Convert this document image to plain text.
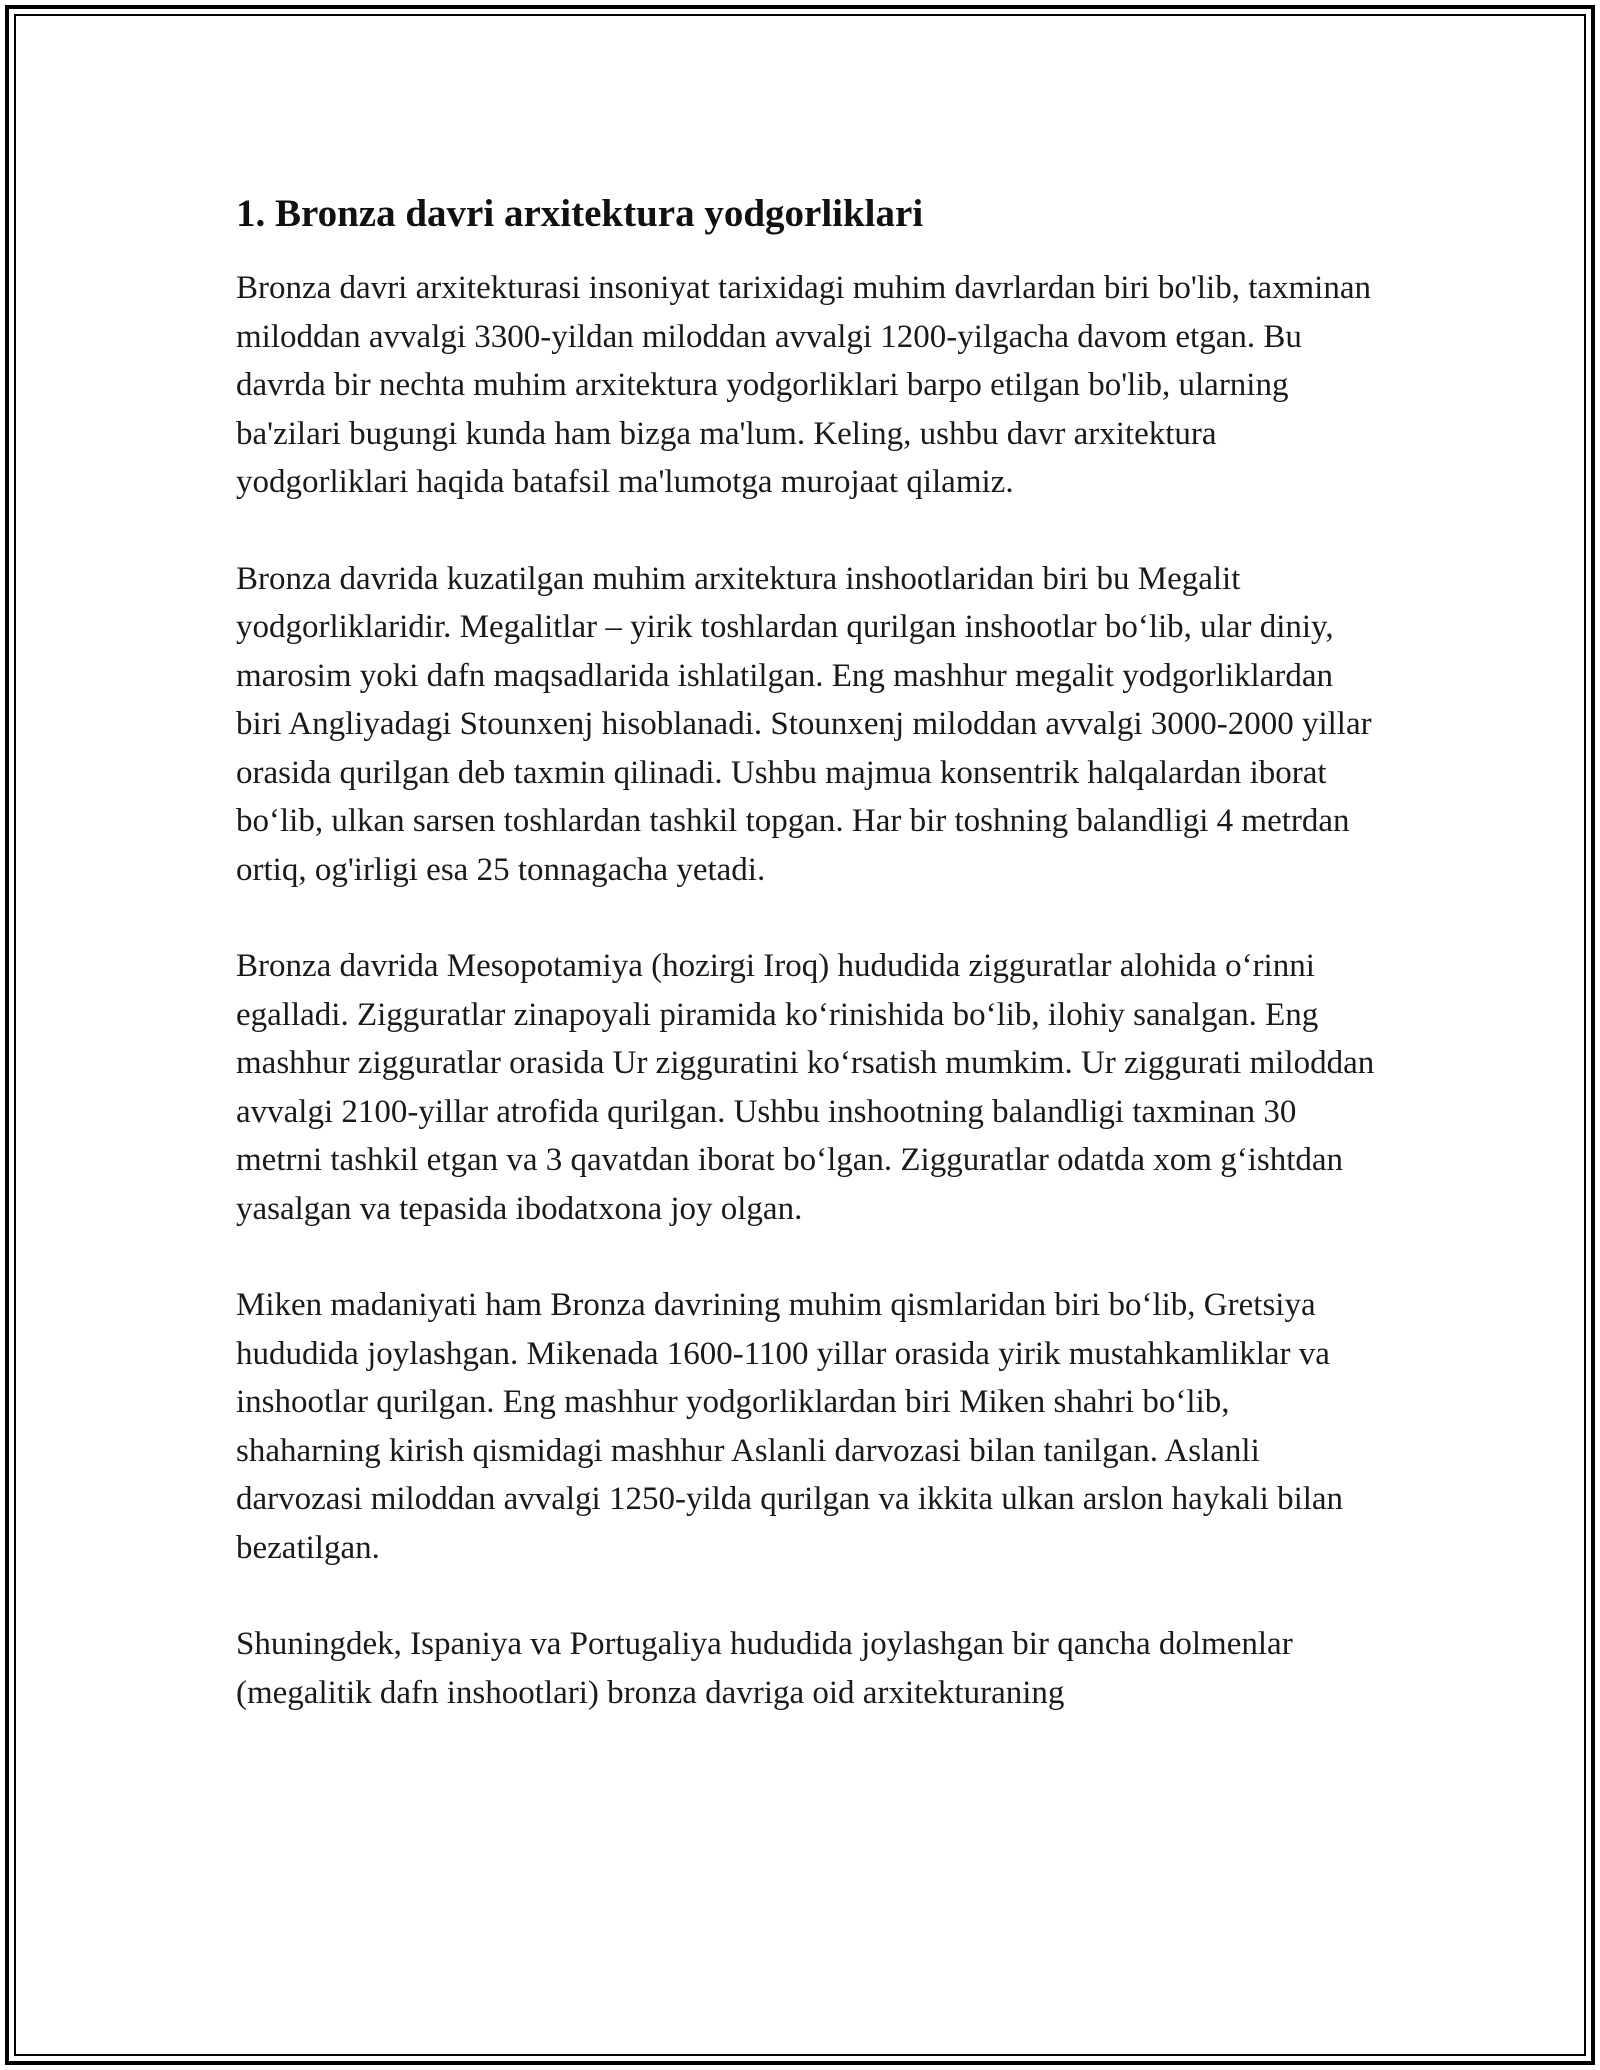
1. Bronza davri arxitektura yodgorliklari

Bronza davri arxitekturasi insoniyat tarixidagi muhim davrlardan biri bo'lib, taxminan miloddan avvalgi 3300-yildan miloddan avvalgi 1200-yilgacha davom etgan. Bu davrda bir nechta muhim arxitektura yodgorliklari barpo etilgan bo'lib, ularning ba'zilari bugungi kunda ham bizga ma'lum. Keling, ushbu davr arxitektura yodgorliklari haqida batafsil ma'lumotga murojaat qilamiz.

Bronza davrida kuzatilgan muhim arxitektura inshootlaridan biri bu Megalit yodgorliklaridir. Megalitlar – yirik toshlardan qurilgan inshootlar bo‘lib, ular diniy, marosim yoki dafn maqsadlarida ishlatilgan. Eng mashhur megalit yodgorliklardan biri Angliyadagi Stounxenj hisoblanadi. Stounxenj miloddan avvalgi 3000-2000 yillar orasida qurilgan deb taxmin qilinadi. Ushbu majmua konsentrik halqalardan iborat bo‘lib, ulkan sarsen toshlardan tashkil topgan. Har bir toshning balandligi 4 metrdan ortiq, og'irligi esa 25 tonnagacha yetadi.

Bronza davrida Mesopotamiya (hozirgi Iroq) hududida zigguratlar alohida o‘rinni egalladi. Zigguratlar zinapoyali piramida ko‘rinishida bo‘lib, ilohiy sanalgan. Eng mashhur zigguratlar orasida Ur zigguratini ko‘rsatish mumkim. Ur ziggurati miloddan avvalgi 2100-yillar atrofida qurilgan. Ushbu inshootning balandligi taxminan 30 metrni tashkil etgan va 3 qavatdan iborat bo‘lgan. Zigguratlar odatda xom g‘ishtdan yasalgan va tepasida ibodatxona joy olgan.

Miken madaniyati ham Bronza davrining muhim qismlaridan biri bo‘lib, Gretsiya hududida joylashgan. Mikenada 1600-1100 yillar orasida yirik mustahkamliklar va inshootlar qurilgan. Eng mashhur yodgorliklardan biri Miken shahri bo‘lib, shaharning kirish qismidagi mashhur Aslanli darvozasi bilan tanilgan. Aslanli darvozasi miloddan avvalgi 1250-yilda qurilgan va ikkita ulkan arslon haykali bilan bezatilgan.

Shuningdek, Ispaniya va Portugaliya hududida joylashgan bir qancha dolmenlar (megalitik dafn inshootlari) bronza davriga oid arxitekturaning
